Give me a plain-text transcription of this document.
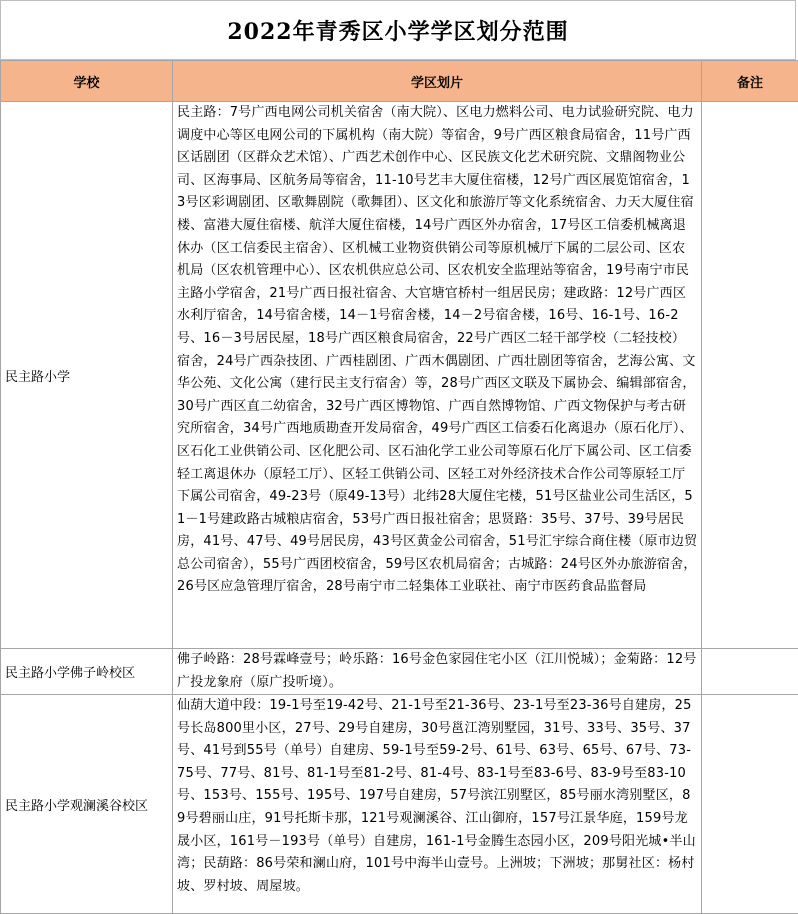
2022年青秀区小学学区划分范围
学校	学区划片	备注
民主路小学	民主路：7号广西电网公司机关宿舍（南大院）、区电力燃料公司、电力试验研究院、电力调度中心等区电网公司的下属机构（南大院）等宿舍，9号广西区粮食局宿舍，11号广西区话剧团（区群众艺术馆）、广西艺术创作中心、区民族文化艺术研究院、文鼎阁物业公司、区海事局、区航务局等宿舍，11-10号艺丰大厦住宿楼，12号广西区展览馆宿舍，13号区彩调剧团、区歌舞剧院（歌舞团）、区文化和旅游厅等文化系统宿舍、力天大厦住宿楼、富港大厦住宿楼、航洋大厦住宿楼，14号广西区外办宿舍，17号区工信委机械离退休办（区工信委民主宿舍）、区机械工业物资供销公司等原机械厅下属的二层公司、区农机局（区农机管理中心）、区农机供应总公司、区农机安全监理站等宿舍，19号南宁市民主路小学宿舍，21号广西日报社宿舍、大官塘官桥村一组居民房；建政路：12号广西区水利厅宿舍，14号宿舍楼，14－1号宿舍楼，14－2号宿舍楼，16号、16-1号、16-2号、16－3号居民屋，18号广西区粮食局宿舍，22号广西区二轻干部学校（二轻技校）宿舍，24号广西杂技团、广西桂剧团、广西木偶剧团、广西壮剧团等宿舍，艺海公寓、文华公苑、文化公寓（建行民主支行宿舍）等，28号广西区文联及下属协会、编辑部宿舍，30号广西区直二幼宿舍，32号广西区博物馆、广西自然博物馆、广西文物保护与考古研究所宿舍，34号广西地质勘查开发局宿舍，49号广西区工信委石化离退办（原石化厅）、区石化工业供销公司、区化肥公司、区石油化学工业公司等原石化厅下属公司、区工信委轻工离退休办（原轻工厅）、区轻工供销公司、区轻工对外经济技术合作公司等原轻工厅下属公司宿舍，49-23号（原49-13号）北纬28大厦住宅楼，51号区盐业公司生活区，51－1号建政路古城粮店宿舍，53号广西日报社宿舍；思贤路：35号、37号、39号居民房，41号、47号、49号居民房，43号区黄金公司宿舍，51号汇宇综合商住楼（原市边贸总公司宿舍），55号广西团校宿舍，59号区农机局宿舍；古城路：24号区外办旅游宿舍，26号区应急管理厅宿舍，28号南宁市二轻集体工业联社、南宁市医药食品监督局	

民主路小学佛子岭校区	佛子岭路：28号霖峰壹号；岭乐路：16号金色家园住宅小区（江川悦城）；金菊路：12号广投龙象府（原广投听境）。	

民主路小学观澜溪谷校区	仙葫大道中段：19-1号至19-42号、21-1号至21-36号、23-1号至23-36号自建房，25号长岛800里小区，27号、29号自建房，30号邕江湾别墅园，31号、33号、35号、37号、41号到55号（单号）自建房、59-1号至59-2号、61号、63号、65号、67号、73-75号、77号、81号、81-1号至81-2号、81-4号、83-1号至83-6号、83-9号至83-10号、153号、155号、195号、197号自建房，57号滨江别墅区，85号丽水湾别墅区，89号碧丽山庄，91号托斯卡那，121号观澜溪谷、江山御府，157号江景华庭，159号龙晟小区，161号－193号（单号）自建房，161-1号金腾生态园小区，209号阳光城•半山湾；民葫路：86号荣和澜山府，101号中海半山壹号。上洲坡；下洲坡；那舅社区：杨村坡、罗村坡、周屋坡。	
